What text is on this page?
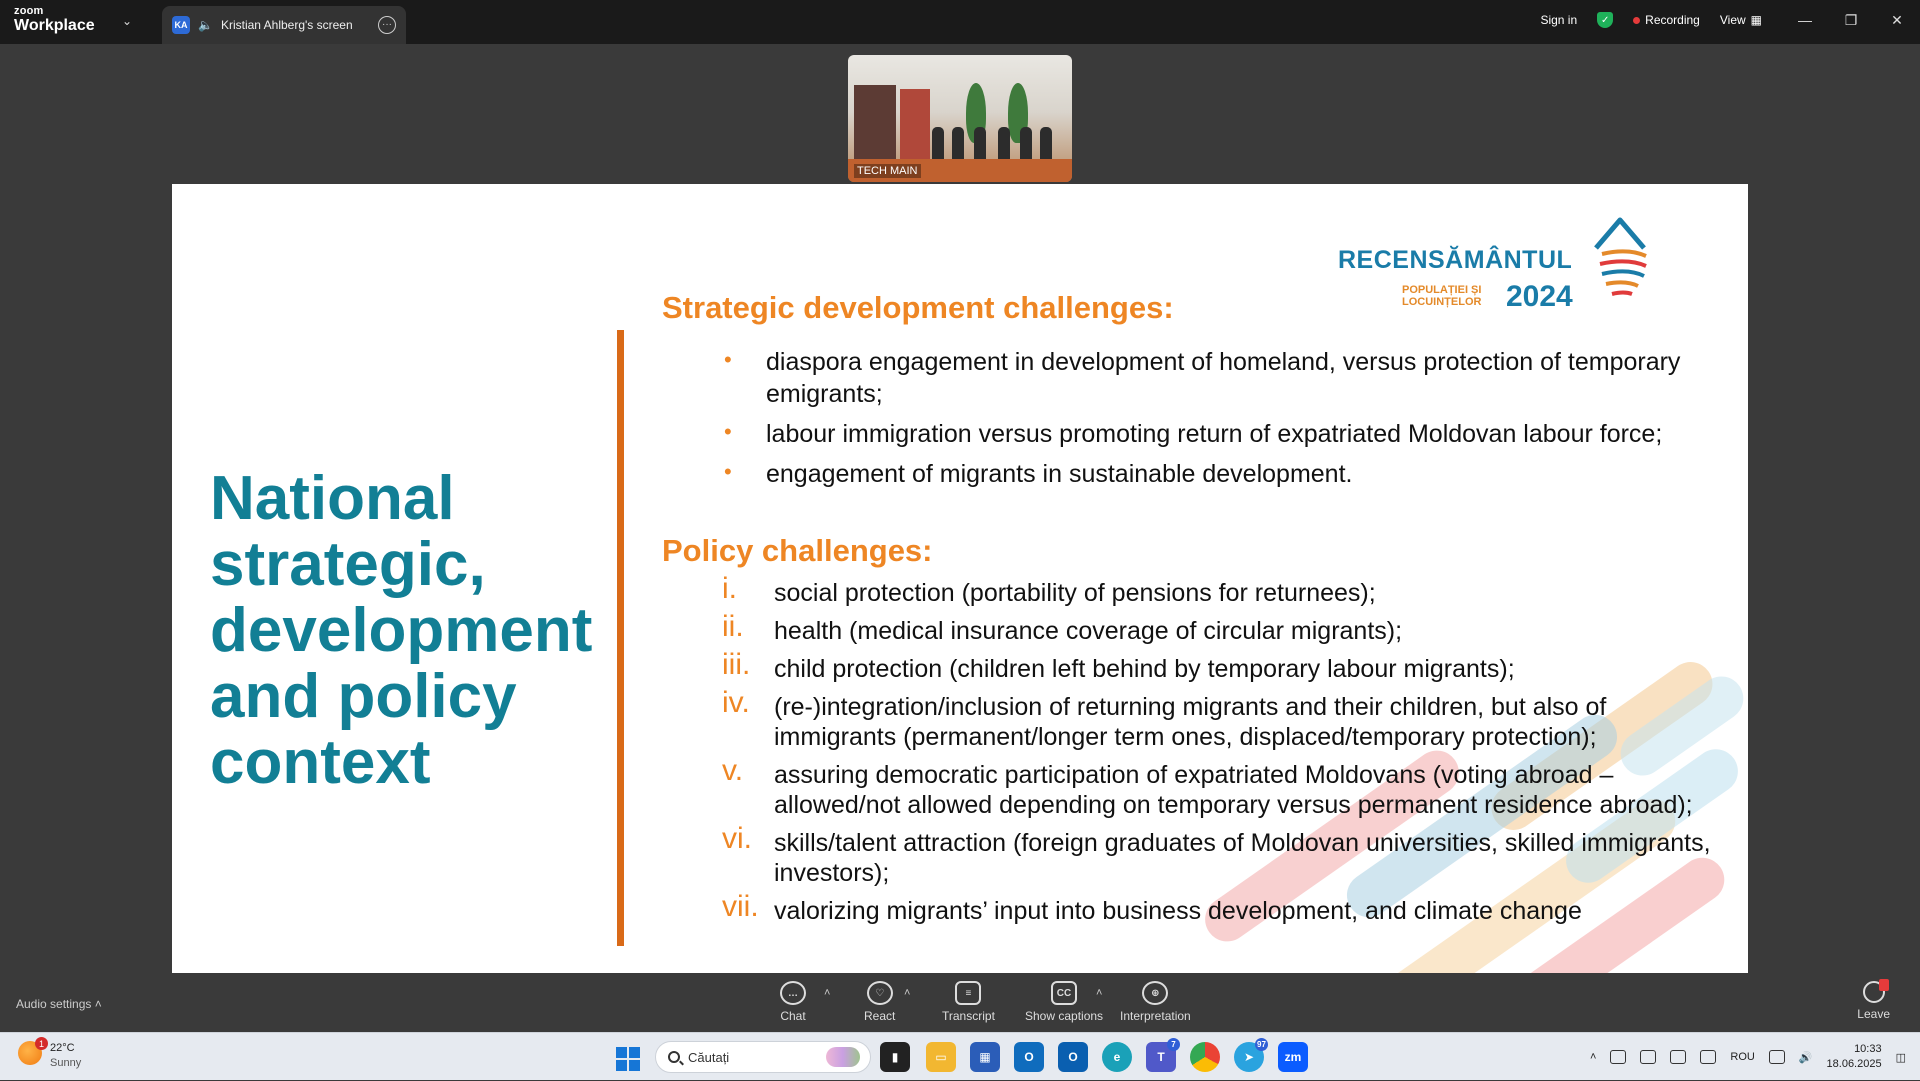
zoom
Workplace ⌄	KA 🔈 Kristian Ahlberg's screen	···	Sign in	✓	Recording View ▦	—	❐	✕
TECH MAIN
RECENSĂMÂNTUL
POPULAȚIEI ȘI
LOCUINȚELOR 2024
National strategic, development and policy context
Strategic development challenges:
• diaspora engagement in development of homeland, versus protection of temporary emigrants;
• labour immigration versus promoting return of expatriated Moldovan labour force;
• engagement of migrants in sustainable development.
Policy challenges:
i. social protection (portability of pensions for returnees);
ii. health (medical insurance coverage of circular migrants);
iii. child protection (children left behind by temporary labour migrants);
iv. (re-)integration/inclusion of returning migrants and their children, but also of immigrants (permanent/longer term ones, displaced/temporary protection);
v. assuring democratic participation of expatriated Moldovans (voting abroad – allowed/not allowed depending on temporary versus permanent residence abroad);
vi. skills/talent attraction (foreign graduates of Moldovan universities, skilled immigrants, investors);
vii. valorizing migrants’ input into business development, and climate change
Audio settings ˄
…
Chat
˄	♡
React
˄	≡
Transcript
CC
Show captions
˄	⊕
Interpretation	Leave
1 22°C
Sunny	Căutați	▮	▭	▦	O	O	e	T
7
➤
97
zm	˄	ROU	🔊
10:33
18.06.2025
◫
